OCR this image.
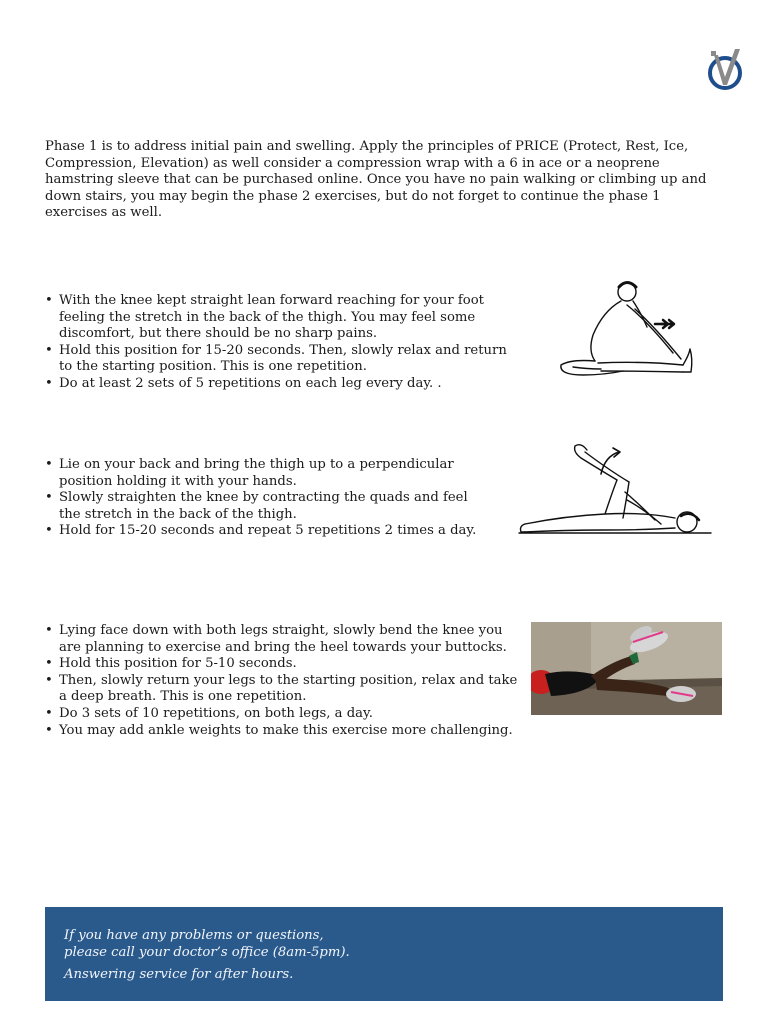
Phase 1 is to address initial pain and swelling. Apply the principles of PRICE (Protect, Rest, Ice, Compression, Elevation) as well consider a compression wrap with a 6 in ace or a neoprene hamstring sleeve that can be purchased online. Once you have no pain walking or climbing up and down stairs, you may begin the phase 2 exercises, but do not forget to continue the phase 1 exercises as well.

• With the knee kept straight lean forward reaching for your foot feeling the stretch in the back of the thigh. You may feel some discomfort, but there should be no sharp pains.
• Hold this position for 15-20 seconds. Then, slowly relax and return to the starting position. This is one repetition.
• Do at least 2 sets of 5 repetitions on each leg every day. .
• Lie on your back and bring the thigh up to a perpendicular position holding it with your hands.
• Slowly straighten the knee by contracting the quads and feel the stretch in the back of the thigh.
• Hold for 15-20 seconds and repeat 5 repetitions 2 times a day.
• Lying face down with both legs straight, slowly bend the knee you are planning to exercise and bring the heel towards your buttocks.
• Hold this position for 5-10 seconds.
• Then, slowly return your legs to the starting position, relax and take a deep breath. This is one repetition.
• Do 3 sets of 10 repetitions, on both legs, a day.
• You may add ankle weights to make this exercise more challenging.

If you have any problems or questions,
please call your doctor’s office (8am-5pm).

Answering service for after hours.
